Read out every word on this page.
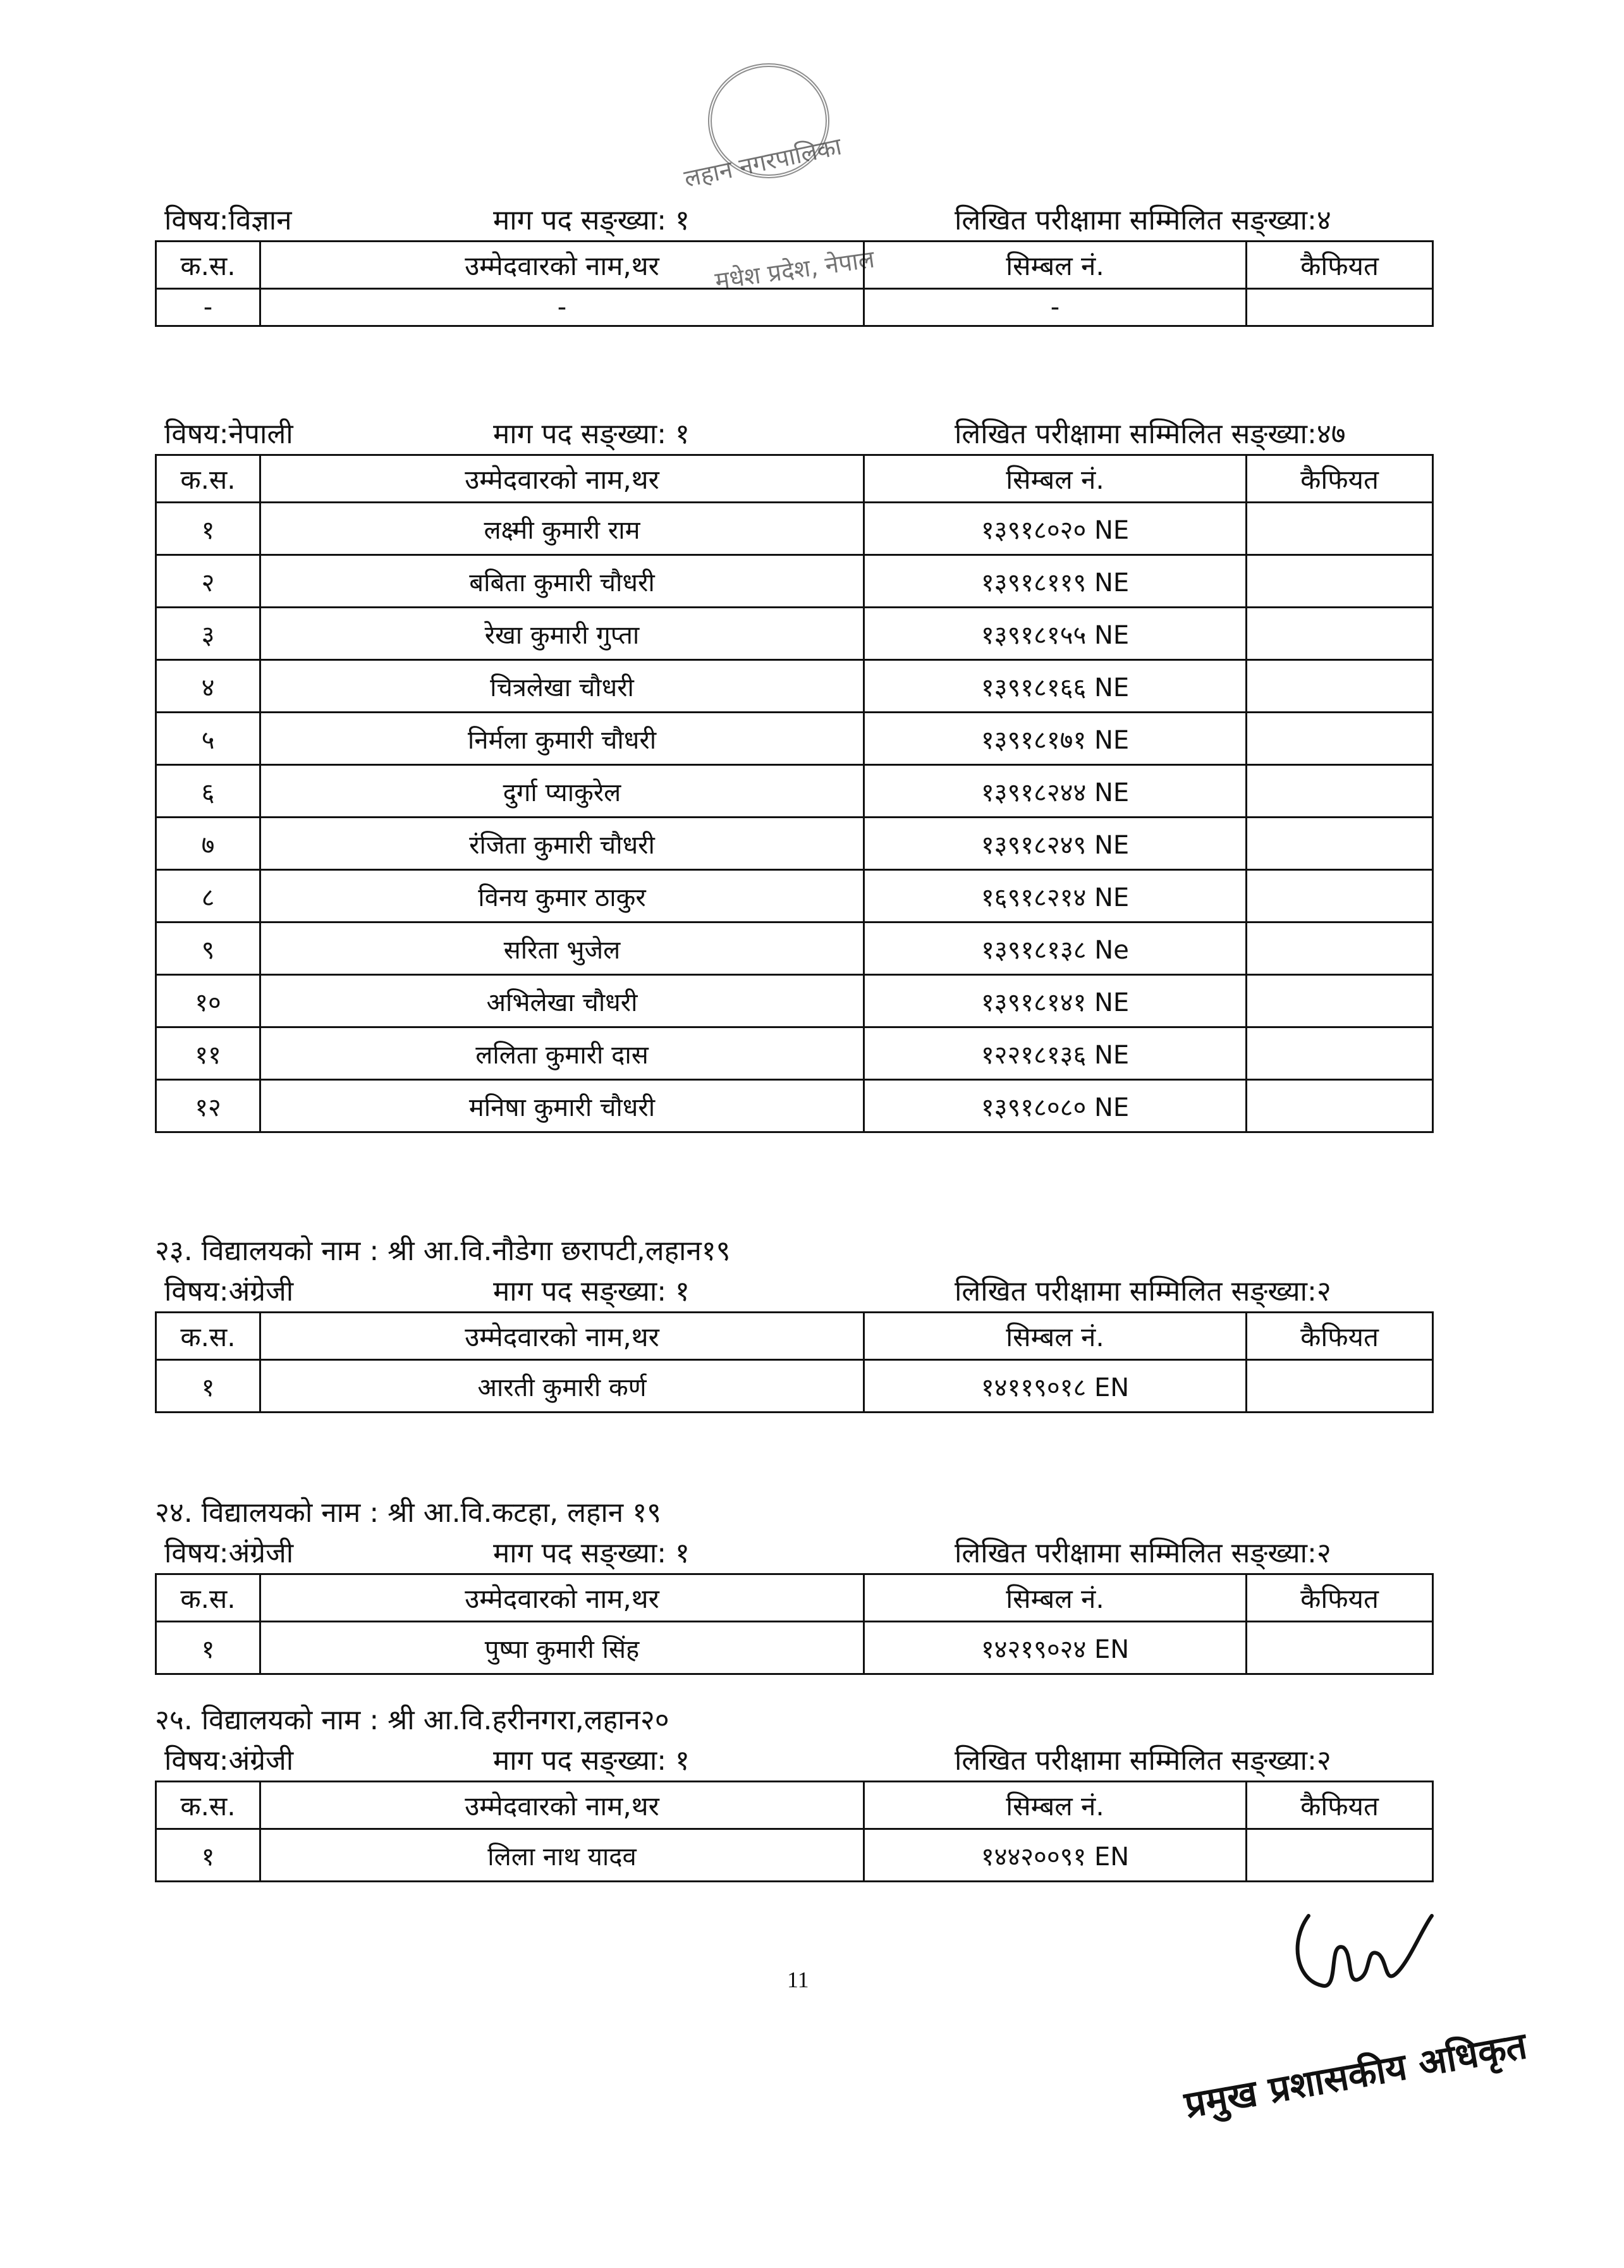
लहान नगरपालिका
मधेश प्रदेश, नेपाल
विषय:विज्ञान	माग पद सङ्ख्या: १	लिखित परीक्षामा सम्मिलित सङ्ख्या:४
क.स.	उम्मेदवारको नाम,थर	सिम्बल नं.	कैफियत
-	-	-	
विषय:नेपाली	माग पद सङ्ख्या: १	लिखित परीक्षामा सम्मिलित सङ्ख्या:४७
क.स.	उम्मेदवारको नाम,थर	सिम्बल नं.	कैफियत
१	लक्ष्मी कुमारी राम	१३९१८०२० NE	
२	बबिता कुमारी चौधरी	१३९१८११९ NE	
३	रेखा कुमारी गुप्ता	१३९१८१५५ NE	
४	चित्रलेखा चौधरी	१३९१८१६६ NE	
५	निर्मला कुमारी चौधरी	१३९१८१७१ NE	
६	दुर्गा प्याकुरेल	१३९१८२४४ NE	
७	रंजिता कुमारी चौधरी	१३९१८२४९ NE	
८	विनय कुमार ठाकुर	१६९१८२१४ NE	
९	सरिता भुजेल	१३९१८१३८ Ne	
१०	अभिलेखा चौधरी	१३९१८१४१ NE	
११	ललिता कुमारी दास	१२२१८१३६ NE	
१२	मनिषा कुमारी चौधरी	१३९१८०८० NE	
२३. विद्यालयको नाम : श्री आ.वि.नौडेगा छरापटी,लहान१९
विषय:अंग्रेजी	माग पद सङ्ख्या: १	लिखित परीक्षामा सम्मिलित सङ्ख्या:२
क.स.	उम्मेदवारको नाम,थर	सिम्बल नं.	कैफियत
१	आरती कुमारी कर्ण	१४११९०१८ EN	
२४. विद्यालयको नाम : श्री आ.वि.कटहा, लहान १९
विषय:अंग्रेजी	माग पद सङ्ख्या: १	लिखित परीक्षामा सम्मिलित सङ्ख्या:२
क.स.	उम्मेदवारको नाम,थर	सिम्बल नं.	कैफियत
१	पुष्पा कुमारी सिंह	१४२१९०२४ EN	
२५. विद्यालयको नाम : श्री आ.वि.हरीनगरा,लहान२०
विषय:अंग्रेजी	माग पद सङ्ख्या: १	लिखित परीक्षामा सम्मिलित सङ्ख्या:२
क.स.	उम्मेदवारको नाम,थर	सिम्बल नं.	कैफियत
१	लिला नाथ यादव	१४४२००९१ EN	
11
प्रमुख प्रशासकीय अधिकृत
